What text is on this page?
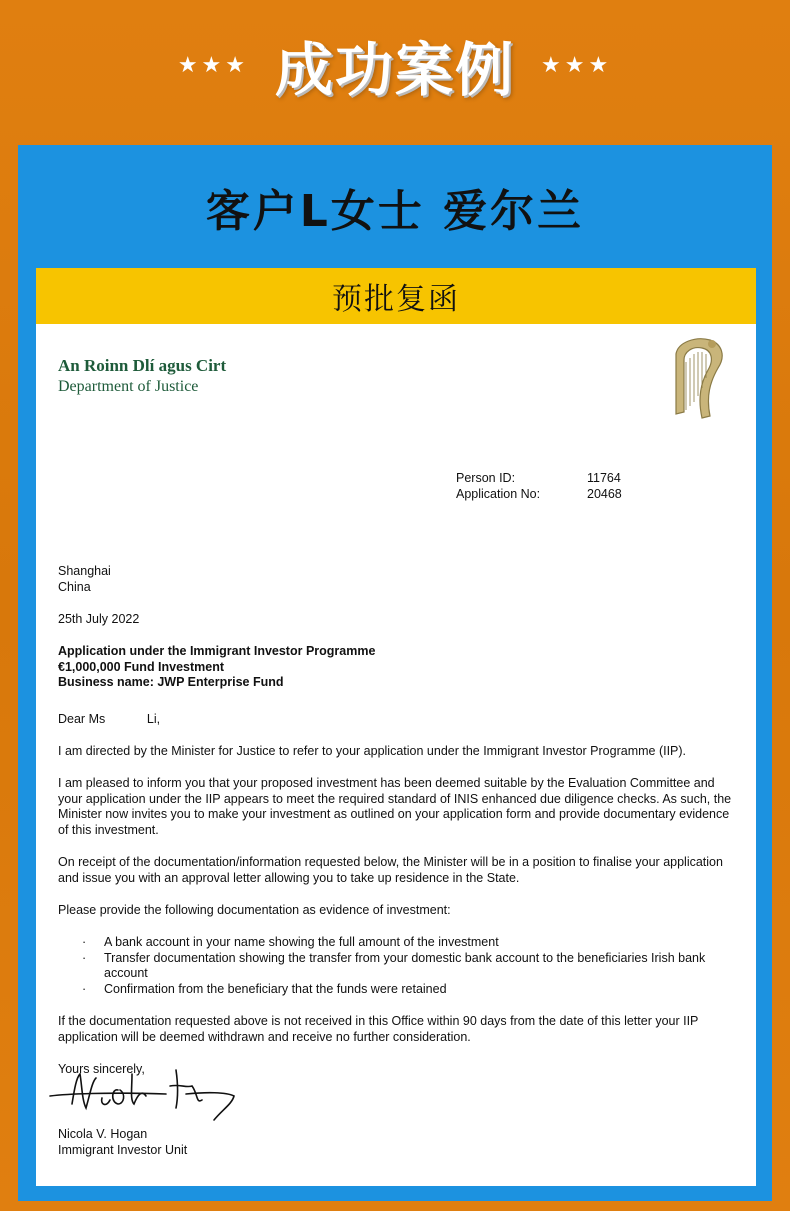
★★★ 成功案例 ★★★
客户L女士 爱尔兰
预批复函
An Roinn Dlí agus Cirt
Department of Justice
Person ID:	11764
Application No:	20468
Shanghai
China
25th July 2022
Application under the Immigrant Investor Programme
€1,000,000 Fund Investment
Business name: JWP Enterprise Fund
Dear Ms            Li,
I am directed by the Minister for Justice to refer to your application under the Immigrant Investor Programme (IIP).
I am pleased to inform you that your proposed investment has been deemed suitable by the Evaluation Committee and your application under the IIP appears to meet the required standard of INIS enhanced due diligence checks. As such, the Minister now invites you to make your investment as outlined on your application form and provide documentary evidence of this investment.
On receipt of the documentation/information requested below, the Minister will be in a position to finalise your application and issue you with an approval letter allowing you to take up residence in the State.
Please provide the following documentation as evidence of investment:
· A bank account in your name showing the full amount of the investment
· Transfer documentation showing the transfer from your domestic bank account to the beneficiaries Irish bank account
· Confirmation from the beneficiary that the funds were retained
If the documentation requested above is not received in this Office within 90 days from the date of this letter your IIP application will be deemed withdrawn and receive no further consideration.
Yours sincerely,
Nicola V. Hogan
Immigrant Investor Unit
